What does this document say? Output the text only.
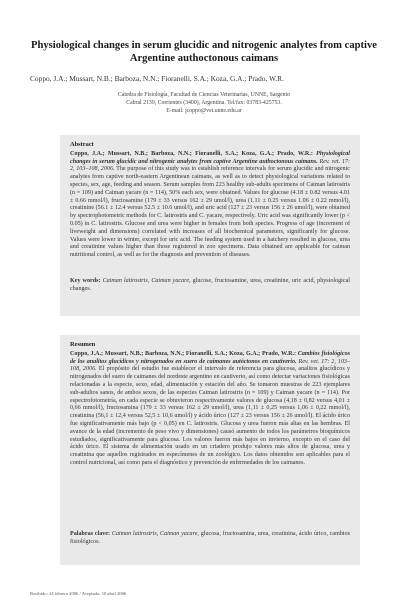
Physiological changes in serum glucidic and nitrogenic analytes from captive Argentine authoctonous caimans

Coppo, J.A.; Mussart, N.B.; Barboza, N.N.; Fioranelli, S.A.; Koza, G.A.; Prado, W.R.

Cátedra de Fisiología, Facultad de Ciencias Veterinarias, UNNE, Sargento
Cabral 2139, Corrientes (3400), Argentina. Tel/fax: 03783-425753.
E-mail: jcoppo@vet.unne.edu.ar
Abstract

Coppo, J.A.; Mussart, N.B.; Barboza, N.N.; Fioranelli, S.A.; Koza, G.A.; Prado, W.R.: Physiological changes in serum glucidic and nitrogenic analytes from captive Argentine authoctonous caimans. Rev. vet. 17: 2, 103–108, 2006. The purpose of this study was to establish reference intervals for serum glucidic and nitrogenic analytes from captive north-eastern Argentinean caimans, as well as to detect physiological variations related to species, sex, age, feeding and season. Serum samples from 223 healthy sub-adults specimens of Caiman latirostris (n = 109) and Caiman yacare (n = 114), 50% each sex, were obtained. Values for glucose (4.18 ± 0.82 versus 4.01 ± 0.66 mmol/l), fructosamine (179 ± 33 versus 162 ± 29 umol/l), urea (1.11 ± 0.25 versus 1.06 ± 0.22 mmol/l), creatinine (56.1 ± 12.4 versus 52.5 ± 10.6 umol/l), and uric acid (127 ± 23 versus 156 ± 26 umol/l), were obtained by spectrophotometric methods for C. latirostris and C. yacare, respectively. Uric acid was significantly lower (p < 0.05) in C. latirostris. Glucose and urea were higher in females from both species. Progress of age (increment of liveweight and dimensions) correlated with increases of all biochemical parameters, significantly for glucose. Values were lower in winter, except for uric acid. The feeding system used in a hatchery resulted in glucose, urea and creatinine values higher than those registered in zoo specimens. Data obtained are applicable for caiman nutritional control, as well as for the diagnosis and prevention of diseases.

Key words: Caiman latirostris, Caiman yacare, glucose, fructosamine, urea, creatinine, uric acid, physiological changes.

Resumen

Coppo, J.A.; Mussart, N.B.; Barboza, N.N.; Fioranelli, S.A.; Koza, G.A.; Prado, W.R.: Cambios fisiológicos de los analitos glucídicos y nitrogenados en suero de caimanes autóctonos en cautiverio. Rev. vet. 17: 2, 103–108, 2006. El propósito del estudio fue establecer el intervalo de referencia para glucosa, analitos glucídicos y nitrogenados del suero de caimanes del nordeste argentino en cautiverio, así como detectar variaciones fisiológicas relacionadas a la especie, sexo, edad, alimentación y estación del año. Se tomaron muestras de 223 ejemplares sub-adultos sanos, de ambos sexos, de las especies Caiman latirostris (n = 109) y Caiman yacare (n = 114). Por espectrofotometría, en cada especie se obtuvieron respectivamente valores de glucosa (4,18 ± 0,82 versus 4,01 ± 0,66 mmol/l), fructosamina (179 ± 33 versus 162 ± 29 umol/l), urea (1,11 ± 0,25 versus 1,06 ± 0,22 mmol/l), creatinina (56,1 ± 12,4 versus 52,5 ± 10,6 umol/l) y ácido úrico (127 ± 23 versus 156 ± 26 umol/l). El ácido úrico fue significativamente más bajo (p < 0,05) en C. latirostris. Glucosa y urea fueron más altas en las hembras. El avance de la edad (incremento de peso vivo y dimensiones) causó aumento de todos los parámetros bioquímicos estudiados, significativamente para glucosa. Los valores fueron más bajos en invierno, excepto en el caso del ácido úrico. El sistema de alimentación usado en un criadero produjo valores más altos de glucosa, urea y creatinina que aquellos registrados en especímenes de un zoológico. Los datos obtenidos son aplicables para el control nutricional, así como para el diagnóstico y prevención de enfermedades de los caimanes.

Palabras clave: Caiman latirostris, Caiman yacare, glucosa, fructosamina, urea, creatinina, ácido úrico, cambios fisiológicos.

Recibido: 24 febrero 2006 / Aceptado: 10 abril 2006
